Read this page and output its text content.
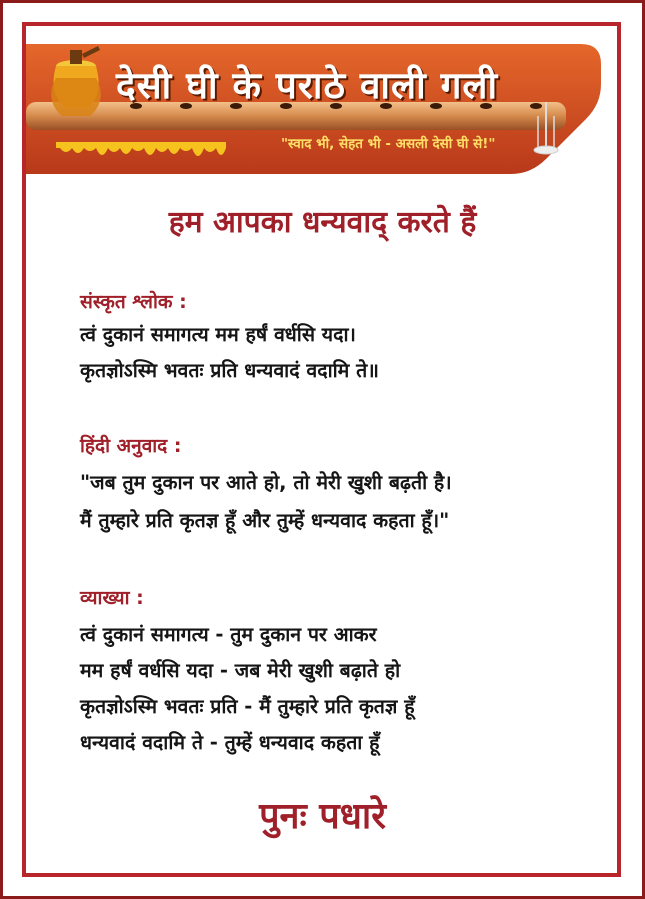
देसी घी के पराठे वाली गली
"स्वाद भी, सेहत भी - असली देसी घी से!"
हम आपका धन्यवाद् करते हैं
संस्कृत श्लोक :
त्वं दुकानं समागत्य मम हर्षं वर्धसि यदा।
कृतज्ञोऽस्मि भवतः प्रति धन्यवादं वदामि ते॥
हिंदी अनुवाद :
"जब तुम दुकान पर आते हो, तो मेरी खुशी बढ़ती है।
मैं तुम्हारे प्रति कृतज्ञ हूँ और तुम्हें धन्यवाद कहता हूँ।"
व्याख्या :
त्वं दुकानं समागत्य - तुम दुकान पर आकर
मम हर्षं वर्धसि यदा - जब मेरी खुशी बढ़ाते हो
कृतज्ञोऽस्मि भवतः प्रति - मैं तुम्हारे प्रति कृतज्ञ हूँ
धन्यवादं वदामि ते - तुम्हें धन्यवाद कहता हूँ
पुनः पधारे
